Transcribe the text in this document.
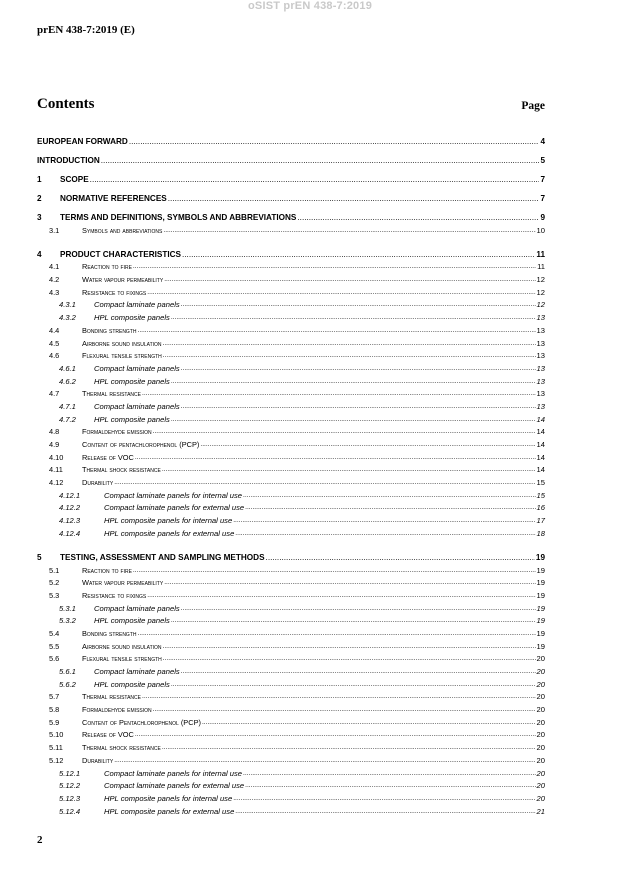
oSIST prEN 438-7:2019
prEN 438-7:2019 (E)
Contents	Page
EUROPEAN FORWARD .....	4
INTRODUCTION .....	5
1	SCOPE .....	7
2	NORMATIVE REFERENCES .....	7
3	TERMS AND DEFINITIONS, SYMBOLS AND ABBREVIATIONS .....	9
3.1	Symbols and abbreviations .....	10
4	PRODUCT CHARACTERISTICS .....	11
4.1	Reaction to fire .....	11
4.2	Water vapour permeability .....	12
4.3	Resistance to fixings .....	12
4.3.1	Compact laminate panels .....	12
4.3.2	HPL composite panels .....	13
4.4	Bonding strength .....	13
4.5	Airborne sound insulation .....	13
4.6	Flexural tensile strength .....	13
4.6.1	Compact laminate panels .....	13
4.6.2	HPL composite panels .....	13
4.7	Thermal resistance .....	13
4.7.1	Compact laminate panels .....	13
4.7.2	HPL composite panels .....	14
4.8	Formaldehyde emission .....	14
4.9	Content of pentachlorophenol (PCP) .....	14
4.10	Release of VOC .....	14
4.11	Thermal shock resistance .....	14
4.12	Durability .....	15
4.12.1	Compact laminate panels for internal use .....	15
4.12.2	Compact laminate panels for external use .....	16
4.12.3	HPL composite panels for internal use .....	17
4.12.4	HPL composite panels for external use .....	18
5	TESTING, ASSESSMENT AND SAMPLING METHODS .....	19
5.1	Reaction to fire .....	19
5.2	Water vapour permeability .....	19
5.3	Resistance to fixings .....	19
5.3.1	Compact laminate panels .....	19
5.3.2	HPL composite panels .....	19
5.4	Bonding strength .....	19
5.5	Airborne sound insulation .....	19
5.6	Flexural tensile strength .....	20
5.6.1	Compact laminate panels .....	20
5.6.2	HPL composite panels .....	20
5.7	Thermal resistance .....	20
5.8	Formaldehyde emission .....	20
5.9	Content of Pentachlorophenol (PCP) .....	20
5.10	Release of VOC .....	20
5.11	Thermal shock resistance .....	20
5.12	Durability .....	20
5.12.1	Compact laminate panels for internal use .....	20
5.12.2	Compact laminate panels for external use .....	20
5.12.3	HPL composite panels for internal use .....	20
5.12.4	HPL composite panels for external use .....	21
2
